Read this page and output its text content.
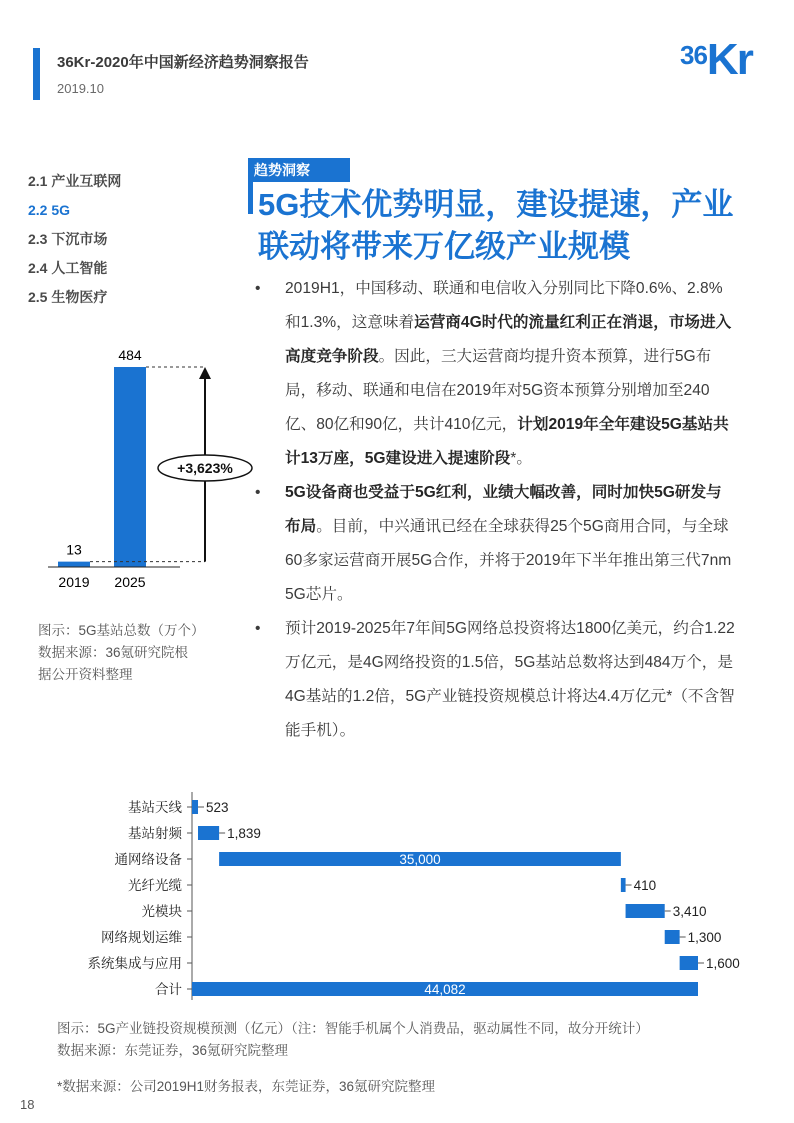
36Kr-2020年中国新经济趋势洞察报告
2019.10
36Kr
2.1 产业互联网
2.2 5G
2.3 下沉市场
2.4 人工智能
2.5 生物医疗
趋势洞察
5G技术优势明显，建设提速，产业联动将带来万亿级产业规模
• 2019H1，中国移动、联通和电信收入分别同比下降0.6%、2.8%和1.3%，这意味着运营商4G时代的流量红利正在消退，市场进入高度竞争阶段。因此，三大运营商均提升资本预算，进行5G布局，移动、联通和电信在2019年对5G资本预算分别增加至240亿、80亿和90亿，共计410亿元，计划2019年全年建设5G基站共计13万座，5G建设进入提速阶段*。
• 5G设备商也受益于5G红利，业绩大幅改善，同时加快5G研发与布局。目前，中兴通讯已经在全球获得25个5G商用合同，与全球60多家运营商开展5G合作，并将于2019年下半年推出第三代7nm 5G芯片。
• 预计2019-2025年7年间5G网络总投资将达1800亿美元，约合1.22万亿元，是4G网络投资的1.5倍，5G基站总数将达到484万个，是4G基站的1.2倍，5G产业链投资规模总计将达4.4万亿元*（不含智能手机）。
13
2019
484
2025
+3,623%
图示：5G基站总数（万个）
数据来源：36氪研究院根
据公开资料整理
基站天线 523
基站射频	1,839
通网络设备	35,000
光纤光缆	410
光模块	3,410
网络规划运维	1,300
系统集成与应用	1,600
合计	44,082
图示：5G产业链投资规模预测（亿元）（注：智能手机属个人消费品，驱动属性不同，故分开统计）
数据来源：东莞证券，36氪研究院整理
*数据来源：公司2019H1财务报表，东莞证券，36氪研究院整理
18
